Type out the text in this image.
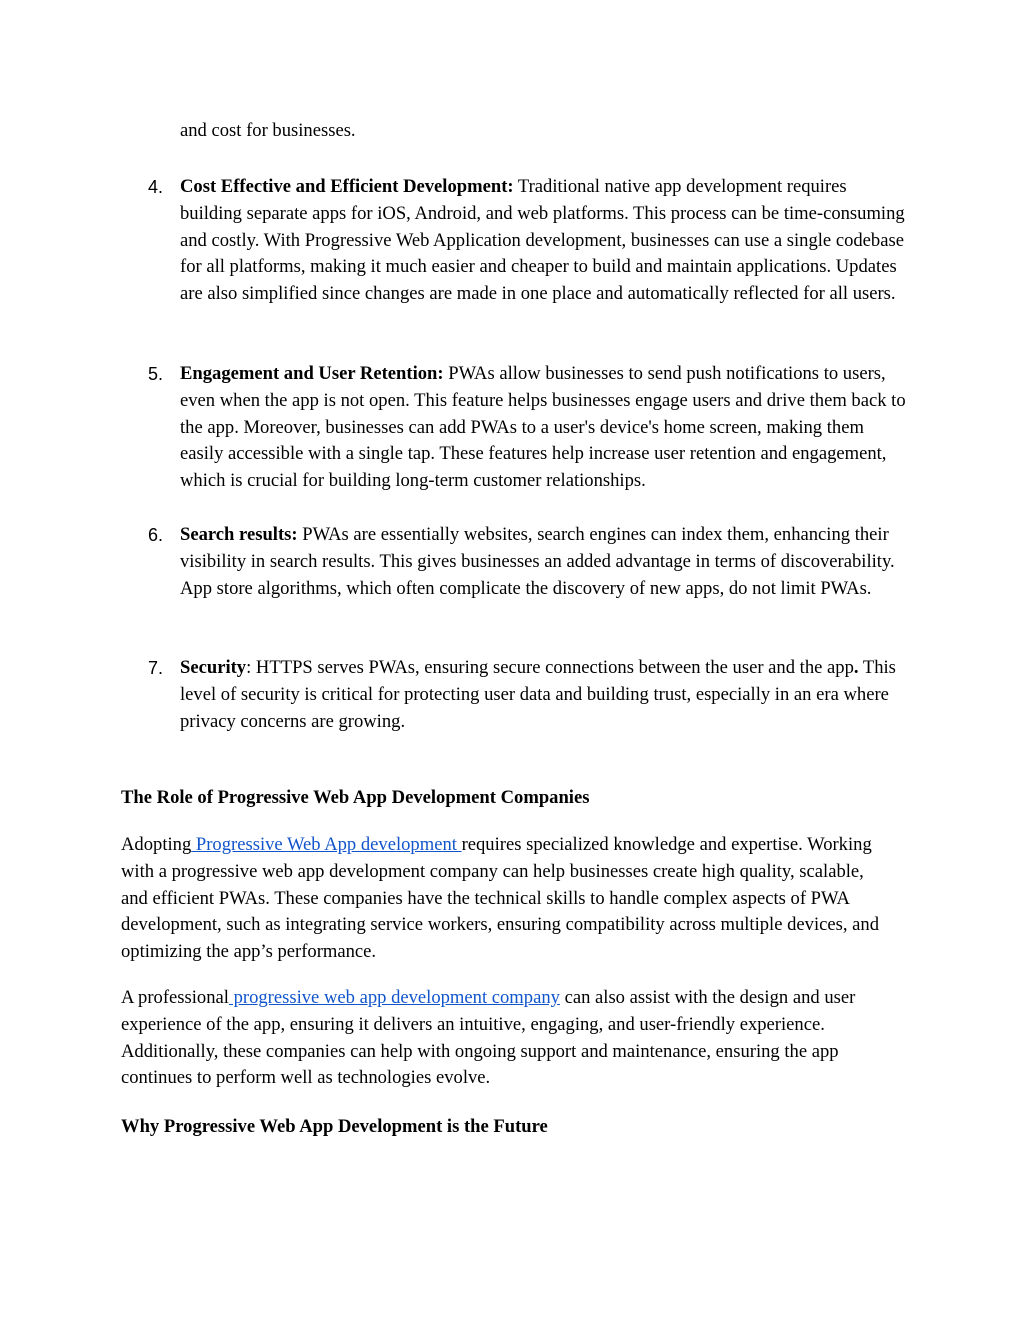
and cost for businesses.

4. Cost Effective and Efficient Development: Traditional native app development requires building separate apps for iOS, Android, and web platforms. This process can be time-consuming and costly. With Progressive Web Application development, businesses can use a single codebase for all platforms, making it much easier and cheaper to build and maintain applications. Updates are also simplified since changes are made in one place and automatically reflected for all users.

5. Engagement and User Retention: PWAs allow businesses to send push notifications to users, even when the app is not open. This feature helps businesses engage users and drive them back to the app. Moreover, businesses can add PWAs to a user's device's home screen, making them easily accessible with a single tap. These features help increase user retention and engagement, which is crucial for building long-term customer relationships.

6. Search results: PWAs are essentially websites, search engines can index them, enhancing their visibility in search results. This gives businesses an added advantage in terms of discoverability. App store algorithms, which often complicate the discovery of new apps, do not limit PWAs.

7. Security: HTTPS serves PWAs, ensuring secure connections between the user and the app. This level of security is critical for protecting user data and building trust, especially in an era where privacy concerns are growing.

The Role of Progressive Web App Development Companies

Adopting Progressive Web App development requires specialized knowledge and expertise. Working with a progressive web app development company can help businesses create high quality, scalable, and efficient PWAs. These companies have the technical skills to handle complex aspects of PWA development, such as integrating service workers, ensuring compatibility across multiple devices, and optimizing the app’s performance.

A professional progressive web app development company can also assist with the design and user experience of the app, ensuring it delivers an intuitive, engaging, and user-friendly experience. Additionally, these companies can help with ongoing support and maintenance, ensuring the app continues to perform well as technologies evolve.

Why Progressive Web App Development is the Future
